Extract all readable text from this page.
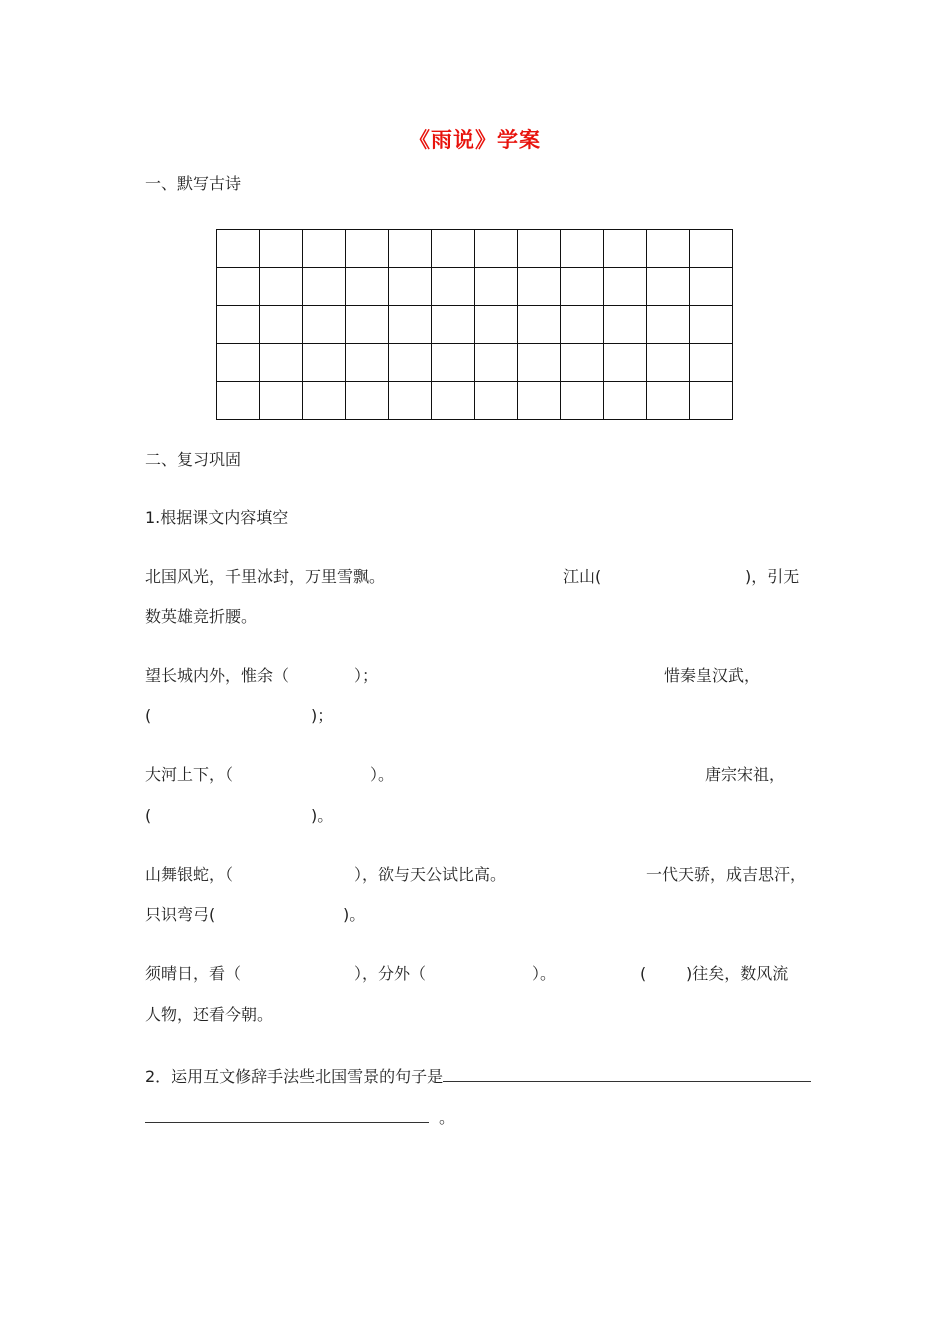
《雨说》学案
一、默写古诗

二、复习巩固
1.根据课文内容填空
北国风光，千里冰封，万里雪飘。	江山(	)，引无
数英雄竞折腰。
望长城内外，惟余（	）；	惜秦皇汉武，
(	)；
大河上下，（	）。	唐宗宋祖，
(	)。
山舞银蛇，（	），欲与天公试比高。	一代天骄，成吉思汗，
只识弯弓(	)。
须晴日，看（	），分外（	）。	( )往矣，数风流
人物，还看今朝。
2．运用互文修辞手法些北国雪景的句子是
。
